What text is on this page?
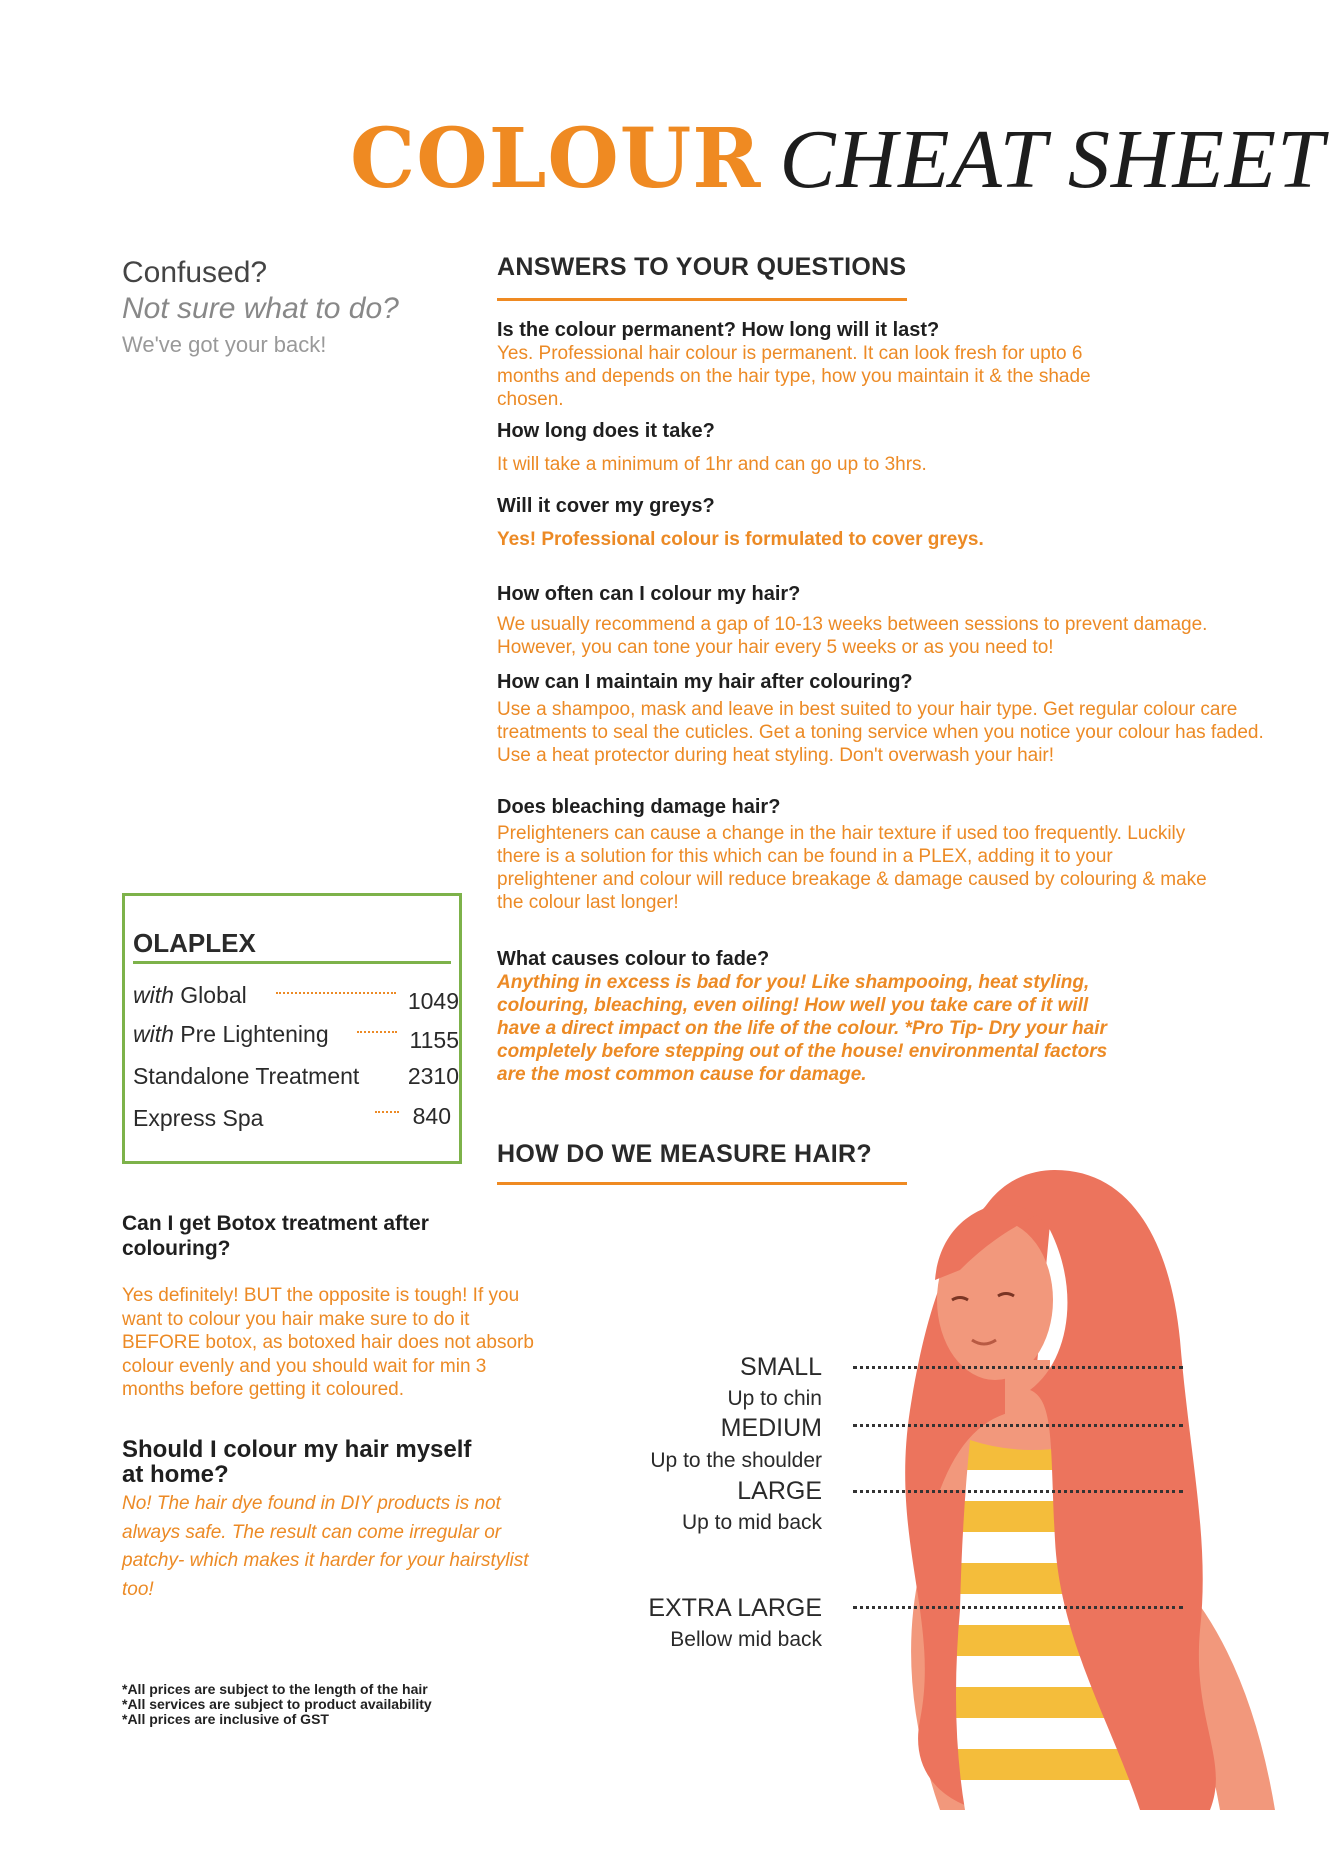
COLOUR CHEAT SHEET
Confused?
Not sure what to do?
We've got your back!
ANSWERS TO YOUR QUESTIONS
Is the colour permanent? How long will it last?
Yes. Professional hair colour is permanent. It can look fresh for upto 6 months and depends on the hair type, how you maintain it & the shade chosen.
How long does it take?
It will take a minimum of 1hr and can go up to 3hrs.
Will it cover my greys?
Yes! Professional colour is formulated to cover greys.
How often can I colour my hair?
We usually recommend a gap of 10-13 weeks between sessions to prevent damage. However, you can tone your hair every 5 weeks or as you need to!
How can I maintain my hair after colouring?
Use a shampoo, mask and leave in best suited to your hair type. Get regular colour care treatments to seal the cuticles. Get a toning service when you notice your colour has faded. Use a heat protector during heat styling. Don't overwash your hair!
Does bleaching damage hair?
Prelighteners can cause a change in the hair texture if used too frequently. Luckily there is a solution for this which can be found in a PLEX, adding it to your prelightener and colour will reduce breakage & damage caused by colouring & make the colour last longer!
What causes colour to fade?
Anything in excess is bad for you! Like shampooing, heat styling, colouring, bleaching, even oiling! How well you take care of it will have a direct impact on the life of the colour. *Pro Tip- Dry your hair completely before stepping out of the house! environmental factors are the most common cause for damage.
OLAPLEX
with Global	1049
with Pre Lightening	1155
Standalone Treatment 2310
Express Spa	840
Can I get Botox treatment after colouring?
Yes definitely! BUT the opposite is tough! If you want to colour you hair make sure to do it BEFORE botox, as botoxed hair does not absorb colour evenly and you should wait for min 3 months before getting it coloured.
Should I colour my hair myself at home?
No! The hair dye found in DIY products is not always safe. The result can come irregular or patchy- which makes it harder for your hairstylist too!
*All prices are subject to the length of the hair
*All services are subject to product availability
*All prices are inclusive of GST
HOW DO WE MEASURE HAIR?
SMALL
Up to chin
MEDIUM
Up to the shoulder
LARGE
Up to mid back
EXTRA LARGE
Bellow mid back
